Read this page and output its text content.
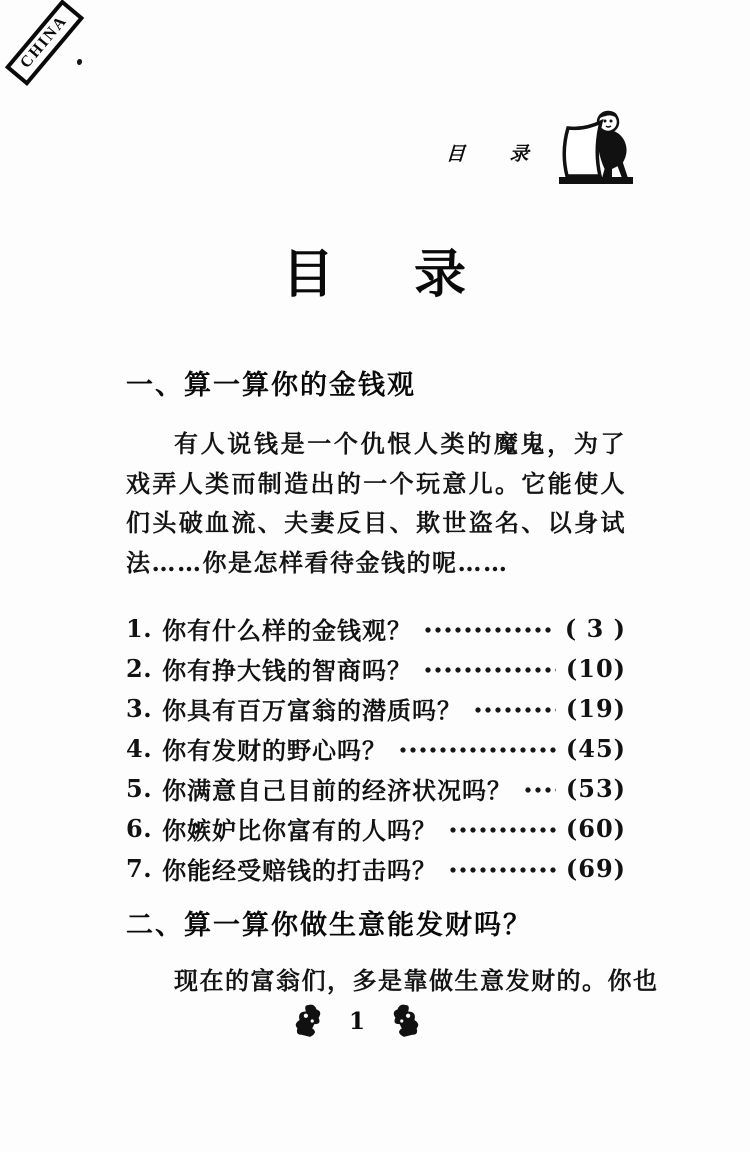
CHINA
目 录
目 录
一、算一算你的金钱观

有人说钱是一个仇恨人类的魔鬼，为了戏弄人类而制造出的一个玩意儿。它能使人们头破血流、夫妻反目、欺世盗名、以身试法……你是怎样看待金钱的呢……

1. 你有什么样的金钱观？	( 3 )
2. 你有挣大钱的智商吗？	(10)
3. 你具有百万富翁的潜质吗？	(19)
4. 你有发财的野心吗？	(45)
5. 你满意自己目前的经济状况吗？ (53)
6. 你嫉妒比你富有的人吗？	(60)
7. 你能经受赔钱的打击吗？	(69)
二、算一算你做生意能发财吗？

现在的富翁们，多是靠做生意发财的。你也

1
